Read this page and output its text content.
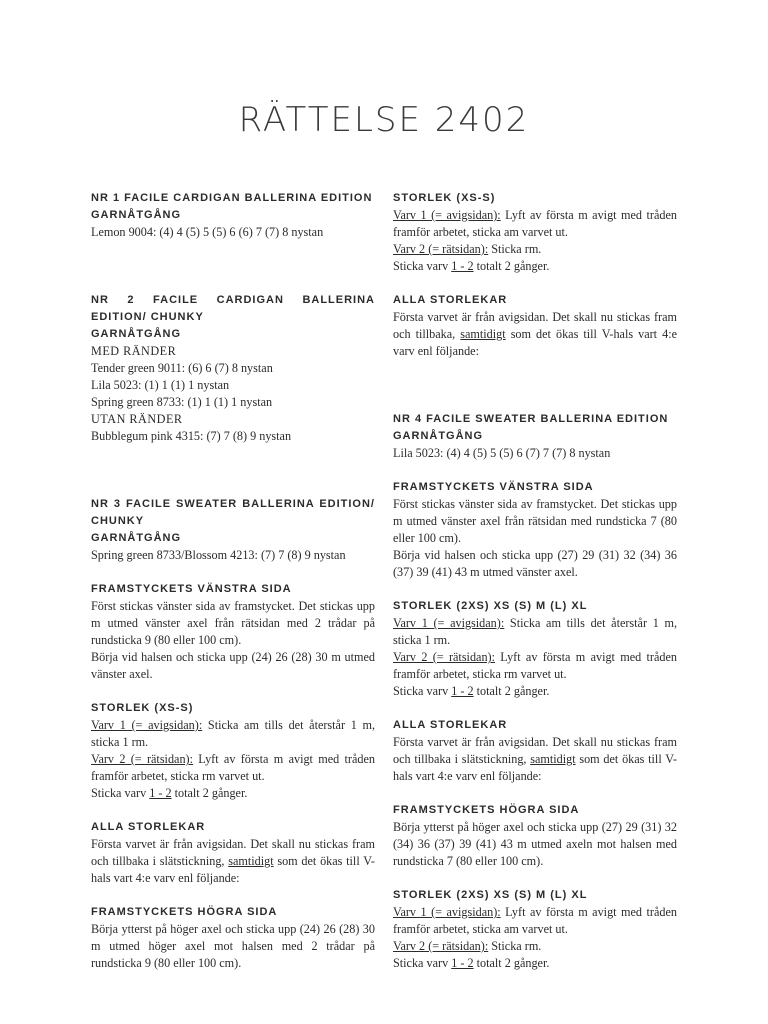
RÄTTELSE 2402
NR 1 FACILE CARDIGAN BALLERINA EDITION
GARNÅTGÅNG
Lemon 9004: (4) 4 (5) 5 (5) 6 (6) 7 (7) 8 nystan
NR 2 FACILE CARDIGAN BALLERINA EDITION/ CHUNKY
GARNÅTGÅNG
MED RÄNDER
Tender green 9011: (6) 6 (7) 8 nystan
Lila 5023: (1) 1 (1) 1 nystan
Spring green 8733: (1) 1 (1) 1 nystan
UTAN RÄNDER
Bubblegum pink 4315: (7) 7 (8) 9 nystan
NR 3 FACILE SWEATER BALLERINA EDITION/ CHUNKY
GARNÅTGÅNG
Spring green 8733/Blossom 4213: (7) 7 (8) 9 nystan
FRAMSTYCKETS VÄNSTRA SIDA
Först stickas vänster sida av framstycket. Det stickas upp m utmed vänster axel från rätsidan med 2 trådar på rundsticka 9 (80 eller 100 cm).
Börja vid halsen och sticka upp (24) 26 (28) 30 m utmed vänster axel.
STORLEK (XS-S)
Varv 1 (= avigsidan): Sticka am tills det återstår 1 m, sticka 1 rm.
Varv 2 (= rätsidan): Lyft av första m avigt med tråden framför arbetet, sticka rm varvet ut.
Sticka varv 1 - 2 totalt 2 gånger.
ALLA STORLEKAR
Första varvet är från avigsidan. Det skall nu stickas fram och tillbaka i slätstickning, samtidigt som det ökas till V-hals vart 4:e varv enl följande:
FRAMSTYCKETS HÖGRA SIDA
Börja ytterst på höger axel och sticka upp (24) 26 (28) 30 m utmed höger axel mot halsen med 2 trådar på rundsticka 9 (80 eller 100 cm).
STORLEK (XS-S)
Varv 1 (= avigsidan): Lyft av första m avigt med tråden framför arbetet, sticka am varvet ut.
Varv 2 (= rätsidan): Sticka rm.
Sticka varv 1 - 2 totalt 2 gånger.
ALLA STORLEKAR
Första varvet är från avigsidan. Det skall nu stickas fram och tillbaka, samtidigt som det ökas till V-hals vart 4:e varv enl följande:
NR 4 FACILE SWEATER BALLERINA EDITION
GARNÅTGÅNG
Lila 5023: (4) 4 (5) 5 (5) 6 (7) 7 (7) 8 nystan
FRAMSTYCKETS VÄNSTRA SIDA
Först stickas vänster sida av framstycket. Det stickas upp m utmed vänster axel från rätsidan med rundsticka 7 (80 eller 100 cm).
Börja vid halsen och sticka upp (27) 29 (31) 32 (34) 36 (37) 39 (41) 43 m utmed vänster axel.
STORLEK (2XS) XS (S) M (L) XL
Varv 1 (= avigsidan): Sticka am tills det återstår 1 m, sticka 1 rm.
Varv 2 (= rätsidan): Lyft av första m avigt med tråden framför arbetet, sticka rm varvet ut.
Sticka varv 1 - 2 totalt 2 gånger.
ALLA STORLEKAR
Första varvet är från avigsidan. Det skall nu stickas fram och tillbaka i slätstickning, samtidigt som det ökas till V-hals vart 4:e varv enl följande:
FRAMSTYCKETS HÖGRA SIDA
Börja ytterst på höger axel och sticka upp (27) 29 (31) 32 (34) 36 (37) 39 (41) 43 m utmed axeln mot halsen med rundsticka 7 (80 eller 100 cm).
STORLEK (2XS) XS (S) M (L) XL
Varv 1 (= avigsidan): Lyft av första m avigt med tråden framför arbetet, sticka am varvet ut.
Varv 2 (= rätsidan): Sticka rm.
Sticka varv 1 - 2 totalt 2 gånger.
